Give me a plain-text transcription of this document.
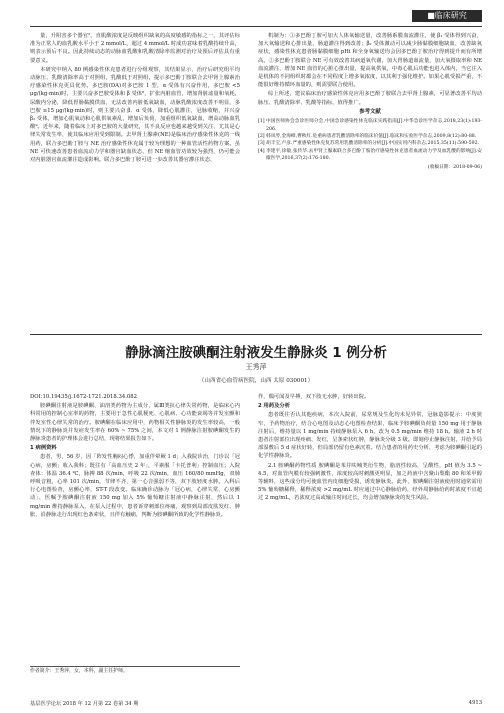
■临床研究

量，升阻害多个器官²，直肌酸浓度是反映组织缺氧的高度敏感的指标之一，其评估标准为正常人的血乳酸水平小于 2 mmol/L，超过 4 mmol/L 时成功意味着乳酸持续升高，则表示预后不良。因此持续动态的动脉血乳酸和乳酸清除率监测对治疗及预后评估具有重要意义。

本研究中纳入 80 例感染性休克患者进行分组观察，其结果显示，治疗后研究组平均动脉压、乳酸清除率高于对照组，乳酸低于对照组，提示多巴酚丁胺联合去甲肾上腺素治疗感染性休克更具优势。多巴胺(DA)对多巴胺 1 型，α 受体有兴奋作用，多巴胺 <5 μg/(kg·min)时，主要兴奋多巴胺受体和 β 受体⁸，扩张内脏血管，增加肾脏滤量和氧耗，尿酸内分泌，降低胃肠黏膜供血，无法改善内脏低氧缺血，动脉乳酸浓度改善不明显，多巴胺 ≥15 μg/(kg·min)时，则主要兴奋 β、α 受体，降低心肌灌注，冠脉收缩，并兴奋 β₁ 受体，增加心肌氧动和心肌供氧素乱，增加后负荷，加重组织低氧缺血，增高动脉血乳酸⁹。近年来，随着临床上对多巴胺的大量研究，其不良反应也越来越受到关注，尤其是心律失常发生率，使其临床应用受到限制。去甲肾上腺素(NE)是临床治疗感染性休克的一线用药，联合多巴酚丁胺与 NE 治疗感染性休克属于较为理想的一种血管活性药物方案。虽 NE 可快速改善患者血流动力学和器官缺血状态，但 NE 缩血管功效较为强烈，仍可能会对内脏器官血流灌注造成影响。联合多巴酚丁胺可进一步改善其器官灌注状态，

机制为：①多巴酚丁胺可加大人体氧输送量，改善肠系膜血流灌注，使 β₁ 受体得到兴奋，加大氧输送和心排出量，肠道灌注得到改善；β₂ 受体激动可以减少肠黏膜细胞缺血，改善缺氧症状，感染性休克患者肠黏膜细胞 pHi 和全身氧输送均会因多巴酚丁胺治疗得到提升而有所增高。②多巴酚丁胺联合 NE 可有效改善其病道氧代谢，加大胃肠道血流量，加大氧摄取率和 NE 血流灌注，增加 NE 血管的心脏心排出量，提高氧供氧，中毒心肌后功能也进入体内，当它注入是机体的不同组织时都会在不同程度上增多氧浓度，以其利于强化维护。如果心肌受损严重，不能很好维持循环血量的，则需要联合使用。

综上所述，建议临床治疗感染性休克应用多巴酚丁胺联合去甲肾上腺素，可显著改善平均动脉压、乳酸清除率、乳酸等指标，值得推广。

参考文献
[1] 中国医师协会急诊医师分会,中国急诊感染性休克临床实践指南[J].中华急诊医学杂志,2018,23(1):193-206.
[2] 韩凤琴,金海峰,曹秋红.危重病患者乳酸清除率的临床价值[J].临床和实验医学杂志,2009,8(12):80-88.
[3] 胡丰宝,卢彦.严重感染性休克复苏常用乳酸清除率的分析[J].中国实用内科杂志,2015,35(11):590-592.
[4] 李建平,徐敏,张传华.去甲肾上腺素联合多巴酚丁胺治疗感染性休克患者血流动力学及血乳酸的影响[J].安徽医学,2016,37(2):176-180.
(收稿日期：2018-09-06)
静脉滴注胺碘酮注射液发生静脉炎 1 例分析
王秀萍
（山西省心血管病医院，山西 太原 030001）

DOI:10.19435/j.1672-1721.2018.34.082

胺碘酮注射液是胺碘酮、油溶类药物为主成分，属Ⅲ类抗心律失常药物，是临床心内科常用的控制心室率的药物，主要用于急性心肌梗死、心肌病、心功能衰竭等并发室颤和伴发室性心律失常的治疗。胺碘酮在临床应用中，药物相关性静脉炎的发生率较高，一般情况下的静脉炎并发症发生率在 60% ~ 75% 之间，本文对 1 例静脉注射胺碘酮发生的静脉炎患者的护理体会进行总结，现将结果报告如下。

1 病例资料

患者，男，56 岁，因「阵发性胸闷心悸，加重伴晕厥 1 d」入我院诊治，门诊以「冠心病，房颤」收入我科；既往有「高血压史 2 年」，平素服「卡托普利」控制血压；入院查体：体温 36.4 ℃，脉搏 88 次/min，呼吸 22 次/min，血压 160/80 mmHg，双肺呼吸音粗，心率 101 次/min，节律不齐，第一心音强弱不等，双下肢轻度水肿。入科后行心电图检查，房颤心率，ST-T 段改变。临床确诊动脉为「冠心病，心律失常，心房颤动」，医嘱予胺碘酮注射液 150 mg 加入 5% 葡萄糖注射液中静脉注射，然后以 1 mg/min 维持静脉泵入，在泵入过程中，患者诉穿刺部位疼痛，观察到局部皮肤发红、肿胀，沿静脉走行出现红色条索状，且伴有触痛，判断为胺碘酮所致的化学性静脉炎。

作，偶可闻及早搏，双下肢无水肿，好转出院。

2 用药及分析

患者既往否认其他疾病，本次入院前，尿常规及生化均未见异常，冠脉造影提示：中度狭窄，予药物治疗，结合心电图及动态心电图检查结果，临床予胺碘酮负荷量 150 mg 用于静脉注射后，维持量以 1 mg/min 持续静脉泵入 6 h，改为 0.5 mg/min 维持 18 h。输液 2 h 时患者注射部位出现疼痛、发红，呈条索状红肿，静脉炎分级 3 级。即刻停止静脉注射，并给予局部湿敷后 5 d 症状好转，但局部仍留有色素沉着。结合患者的用药史分析，考虑为胺碘酮引起的化学性静脉炎。

2.1 胺碘酮药物性质 胺碘酮是苯并呋喃类衍生物，脂溶性较高，呈酸性，pH 值为 3.5 ~ 4.5，对血管内膜有较强刺激性，浓度较高时刺激更明显，加之药液中含聚山梨酯 80 和苯甲醇等辅料，这些成分均可使血管内皮细胞受损，诱发静脉炎。此外，胺碘酮注射液使用时通常需用 5% 葡萄糖稀释，稀释浓度 >2 mg/mL 时应通过中心静脉给药，经外周静脉给药时浓度不宜超过 2 mg/mL，若浓度过高或输注时间过长，均会增加静脉炎的发生风险。

作者简介：王秀萍，女，本科，副主任护师。
基层医学论坛 2018 年 12 月第 22 卷第 34 期	4913
